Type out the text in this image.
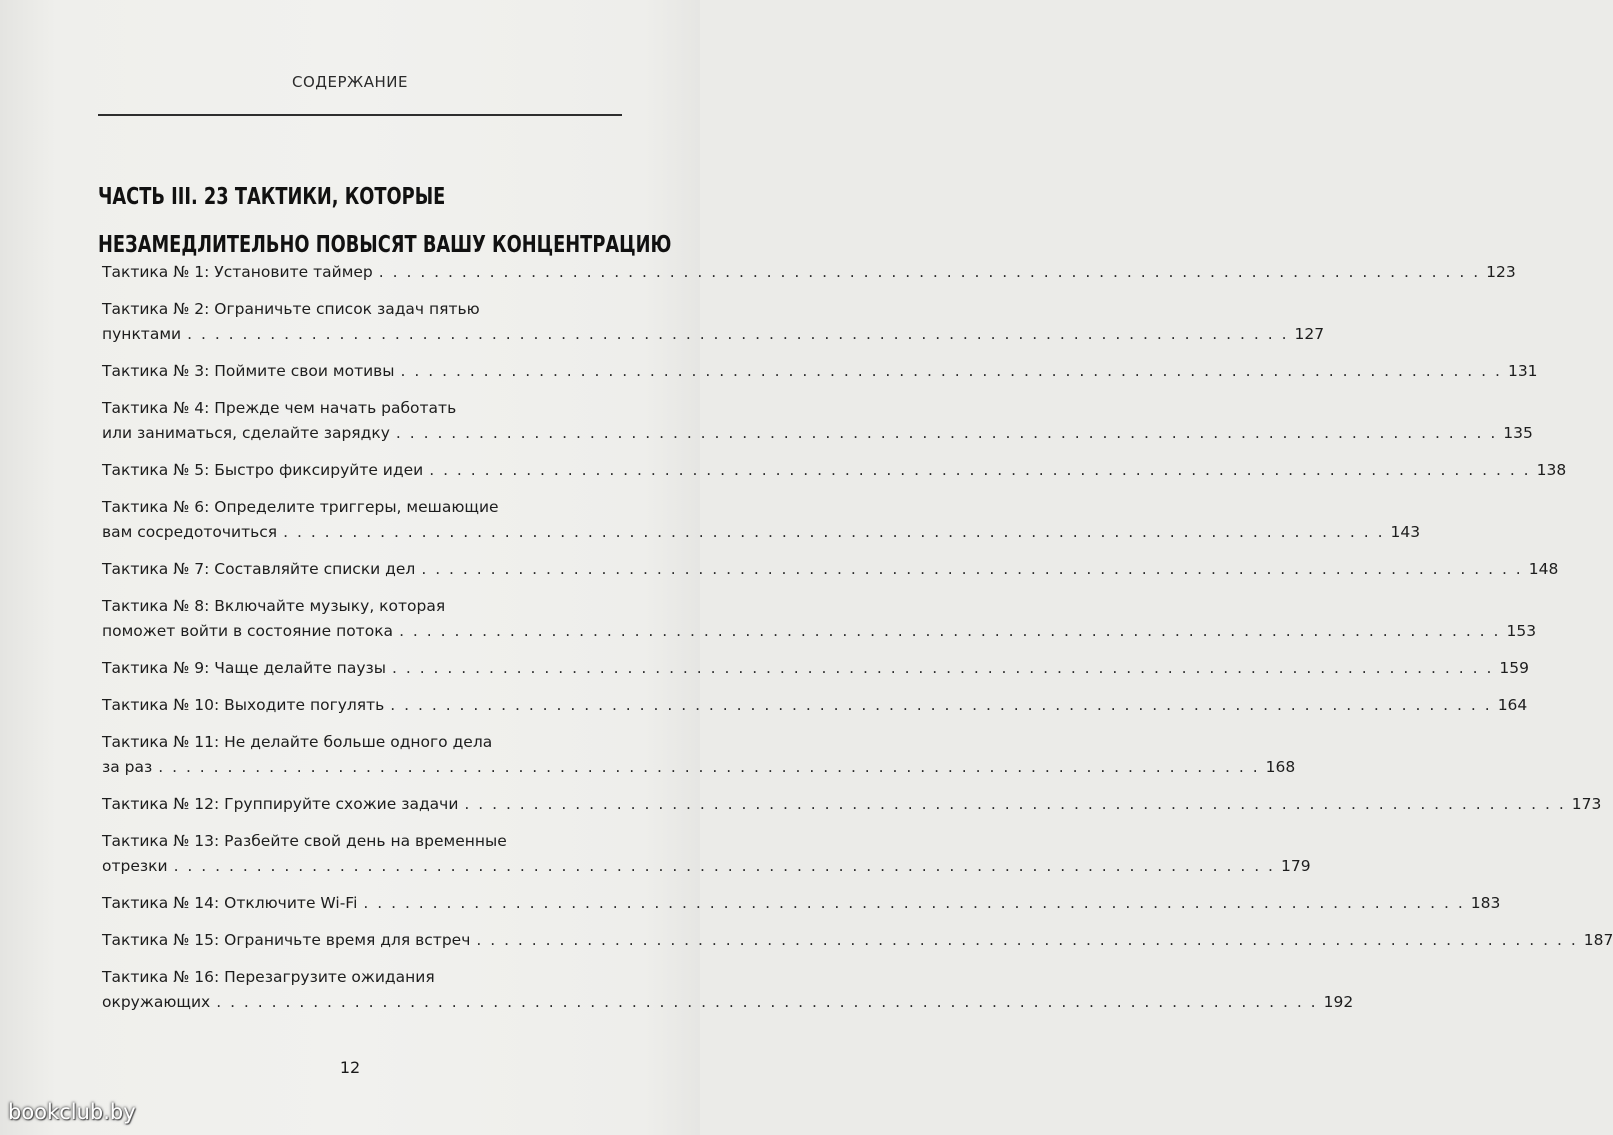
СОДЕРЖАНИЕ
ЧАСТЬ III. 23 ТАКТИКИ, КОТОРЫЕ
НЕЗАМЕДЛИТЕЛЬНО ПОВЫСЯТ ВАШУ КОНЦЕНТРАЦИЮ
Тактика № 1: Установите таймер . . . . . . . . . . . . . . . . . . . . . . . . . . . . . . . . . . . . . . . . . . . . . . . . . . . . . . . . . . . . . . . . . . . . . . . . . . . . . . . . 123
Тактика № 2: Ограничьте список задач пятью
пунктами . . . . . . . . . . . . . . . . . . . . . . . . . . . . . . . . . . . . . . . . . . . . . . . . . . . . . . . . . . . . . . . . . . . . . . . . . . . . . . . . 127
Тактика № 3: Поймите свои мотивы . . . . . . . . . . . . . . . . . . . . . . . . . . . . . . . . . . . . . . . . . . . . . . . . . . . . . . . . . . . . . . . . . . . . . . . . . . . . . . . . 131
Тактика № 4: Прежде чем начать работать
или заниматься, сделайте зарядку . . . . . . . . . . . . . . . . . . . . . . . . . . . . . . . . . . . . . . . . . . . . . . . . . . . . . . . . . . . . . . . . . . . . . . . . . . . . . . . . 135
Тактика № 5: Быстро фиксируйте идеи . . . . . . . . . . . . . . . . . . . . . . . . . . . . . . . . . . . . . . . . . . . . . . . . . . . . . . . . . . . . . . . . . . . . . . . . . . . . . . . . 138
Тактика № 6: Определите триггеры, мешающие
вам сосредоточиться . . . . . . . . . . . . . . . . . . . . . . . . . . . . . . . . . . . . . . . . . . . . . . . . . . . . . . . . . . . . . . . . . . . . . . . . . . . . . . . . 143
Тактика № 7: Составляйте списки дел . . . . . . . . . . . . . . . . . . . . . . . . . . . . . . . . . . . . . . . . . . . . . . . . . . . . . . . . . . . . . . . . . . . . . . . . . . . . . . . . 148
Тактика № 8: Включайте музыку, которая
поможет войти в состояние потока . . . . . . . . . . . . . . . . . . . . . . . . . . . . . . . . . . . . . . . . . . . . . . . . . . . . . . . . . . . . . . . . . . . . . . . . . . . . . . . . 153
Тактика № 9: Чаще делайте паузы . . . . . . . . . . . . . . . . . . . . . . . . . . . . . . . . . . . . . . . . . . . . . . . . . . . . . . . . . . . . . . . . . . . . . . . . . . . . . . . . 159
Тактика № 10: Выходите погулять . . . . . . . . . . . . . . . . . . . . . . . . . . . . . . . . . . . . . . . . . . . . . . . . . . . . . . . . . . . . . . . . . . . . . . . . . . . . . . . . 164
Тактика № 11: Не делайте больше одного дела
за раз . . . . . . . . . . . . . . . . . . . . . . . . . . . . . . . . . . . . . . . . . . . . . . . . . . . . . . . . . . . . . . . . . . . . . . . . . . . . . . . . 168
Тактика № 12: Группируйте схожие задачи . . . . . . . . . . . . . . . . . . . . . . . . . . . . . . . . . . . . . . . . . . . . . . . . . . . . . . . . . . . . . . . . . . . . . . . . . . . . . . . . 173
Тактика № 13: Разбейте свой день на временные
отрезки . . . . . . . . . . . . . . . . . . . . . . . . . . . . . . . . . . . . . . . . . . . . . . . . . . . . . . . . . . . . . . . . . . . . . . . . . . . . . . . . 179
Тактика № 14: Отключите Wi-Fi . . . . . . . . . . . . . . . . . . . . . . . . . . . . . . . . . . . . . . . . . . . . . . . . . . . . . . . . . . . . . . . . . . . . . . . . . . . . . . . . 183
Тактика № 15: Ограничьте время для встреч . . . . . . . . . . . . . . . . . . . . . . . . . . . . . . . . . . . . . . . . . . . . . . . . . . . . . . . . . . . . . . . . . . . . . . . . . . . . . . . . 187
Тактика № 16: Перезагрузите ожидания
окружающих . . . . . . . . . . . . . . . . . . . . . . . . . . . . . . . . . . . . . . . . . . . . . . . . . . . . . . . . . . . . . . . . . . . . . . . . . . . . . . . . 192
12
bookclub.by
